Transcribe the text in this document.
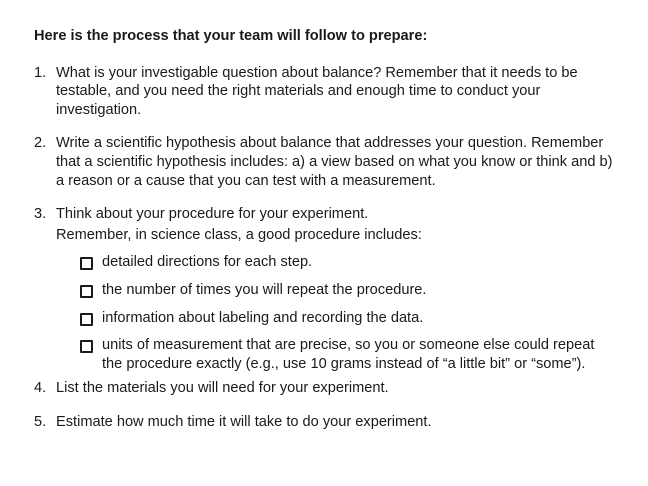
Here is the process that your team will follow to prepare:

1. What is your investigable question about balance? Remember that it needs to be testable, and you need the right materials and enough time to conduct your investigation.
2. Write a scientific hypothesis about balance that addresses your question. Remember that a scientific hypothesis includes: a) a view based on what you know or think and b) a reason or a cause that you can test with a measurement.
3. Think about your procedure for your experiment.
Remember, in science class, a good procedure includes:
detailed directions for each step.
the number of times you will repeat the procedure.
information about labeling and recording the data.
units of measurement that are precise, so you or someone else could repeat the procedure exactly (e.g., use 10 grams instead of “a little bit” or “some”).
4. List the materials you will need for your experiment.
5. Estimate how much time it will take to do your experiment.
